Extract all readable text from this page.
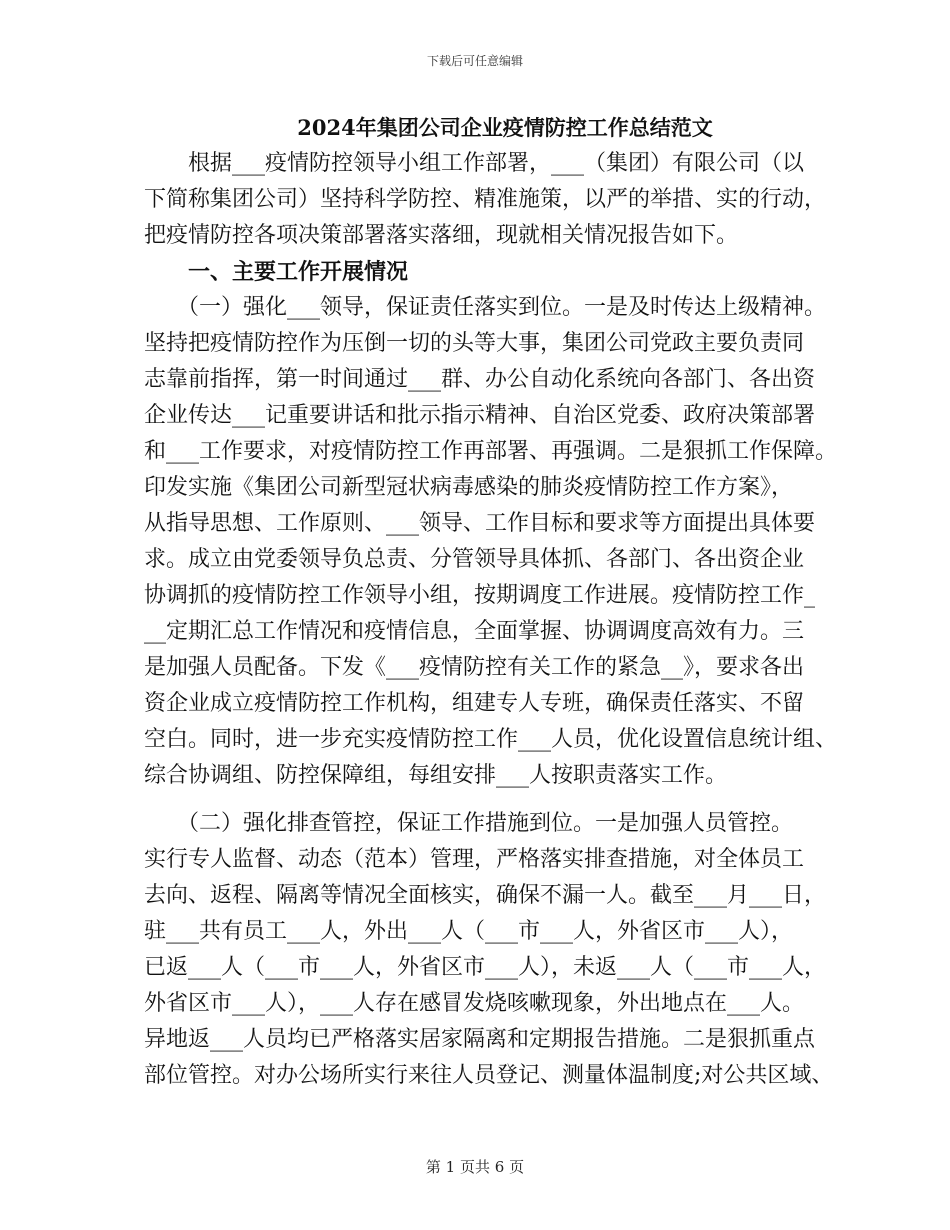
下载后可任意编辑
2024年集团公司企业疫情防控工作总结范文
　　根据___疫情防控领导小组工作部署，___（集团）有限公司（以
下简称集团公司）坚持科学防控、精准施策，以严的举措、实的行动，
把疫情防控各项决策部署落实落细，现就相关情况报告如下。
　　一、主要工作开展情况
　　（一）强化___领导，保证责任落实到位。一是及时传达上级精神。
坚持把疫情防控作为压倒一切的头等大事，集团公司党政主要负责同
志靠前指挥，第一时间通过___群、办公自动化系统向各部门、各出资
企业传达___记重要讲话和批示指示精神、自治区党委、政府决策部署
和___工作要求，对疫情防控工作再部署、再强调。二是狠抓工作保障。
印发实施《集团公司新型冠状病毒感染的肺炎疫情防控工作方案》，
从指导思想、工作原则、___领导、工作目标和要求等方面提出具体要
求。成立由党委领导负总责、分管领导具体抓、各部门、各出资企业
协调抓的疫情防控工作领导小组，按期调度工作进展。疫情防控工作_
__定期汇总工作情况和疫情信息，全面掌握、协调调度高效有力。三
是加强人员配备。下发《___疫情防控有关工作的紧急__》，要求各出
资企业成立疫情防控工作机构，组建专人专班，确保责任落实、不留
空白。同时，进一步充实疫情防控工作___人员，优化设置信息统计组、
综合协调组、防控保障组，每组安排___人按职责落实工作。
　　（二）强化排查管控，保证工作措施到位。一是加强人员管控。
实行专人监督、动态（范本）管理，严格落实排查措施，对全体员工
去向、返程、隔离等情况全面核实，确保不漏一人。截至___月___日，
驻___共有员工___人，外出___人（___市___人，外省区市___人），
已返___人（___市___人，外省区市___人），未返___人（___市___人，
外省区市___人），___人存在感冒发烧咳嗽现象，外出地点在___人。
异地返___人员均已严格落实居家隔离和定期报告措施。二是狠抓重点
部位管控。对办公场所实行来往人员登记、测量体温制度;对公共区域、
第 1 页共 6 页
